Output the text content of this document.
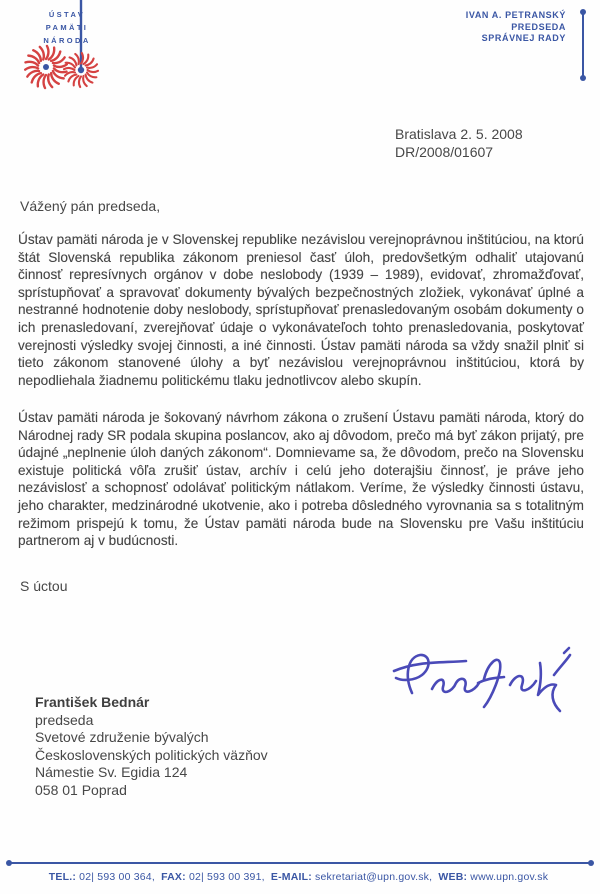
ÚSTAV
PAMÄTI
NÁRODA
IVAN A. PETRANSKÝ
PREDSEDA
SPRÁVNEJ RADY
Bratislava 2. 5. 2008
DR/2008/01607
Vážený pán predseda,
Ústav pamäti národa je v Slovenskej republike nezávislou verejnoprávnou inštitúciou, na ktorú štát Slovenská republika zákonom preniesol časť úloh, predovšetkým odhaliť utajovanú činnosť represívnych orgánov v dobe neslobody (1939 – 1989), evidovať, zhromažďovať, sprístupňovať a spravovať dokumenty bývalých bezpečnostných zložiek, vykonávať úplné a nestranné hodnotenie doby neslobody, sprístupňovať prenasledovaným osobám dokumenty o ich prenasledovaní, zverejňovať údaje o vykonávateľoch tohto prenasledovania, poskytovať verejnosti výsledky svojej činnosti, a iné činnosti. Ústav pamäti národa sa vždy snažil plniť si tieto zákonom stanovené úlohy a byť nezávislou verejnoprávnou inštitúciou, ktorá by nepodliehala žiadnemu politickému tlaku jednotlivcov alebo skupín.
Ústav pamäti národa je šokovaný návrhom zákona o zrušení Ústavu pamäti národa, ktorý do Národnej rady SR podala skupina poslancov, ako aj dôvodom, prečo má byť zákon prijatý, pre údajné „neplnenie úloh daných zákonom“. Domnievame sa, že dôvodom, prečo na Slovensku existuje politická vôľa zrušiť ústav, archív i celú jeho doterajšiu činnosť, je práve jeho nezávislosť a schopnosť odolávať politickým nátlakom. Veríme, že výsledky činnosti ústavu, jeho charakter, medzinárodné ukotvenie, ako i potreba dôsledného vyrovnania sa s totalitným režimom prispejú k tomu, že Ústav pamäti národa bude na Slovensku pre Vašu inštitúciu partnerom aj v budúcnosti.
S úctou
František Bednár
predseda
Svetové združenie bývalých
Československých politických väzňov
Námestie Sv. Egidia 124
058 01 Poprad
TEL.: 02| 593 00 364, FAX: 02| 593 00 391, E-MAIL: sekretariat@upn.gov.sk, WEB: www.upn.gov.sk
